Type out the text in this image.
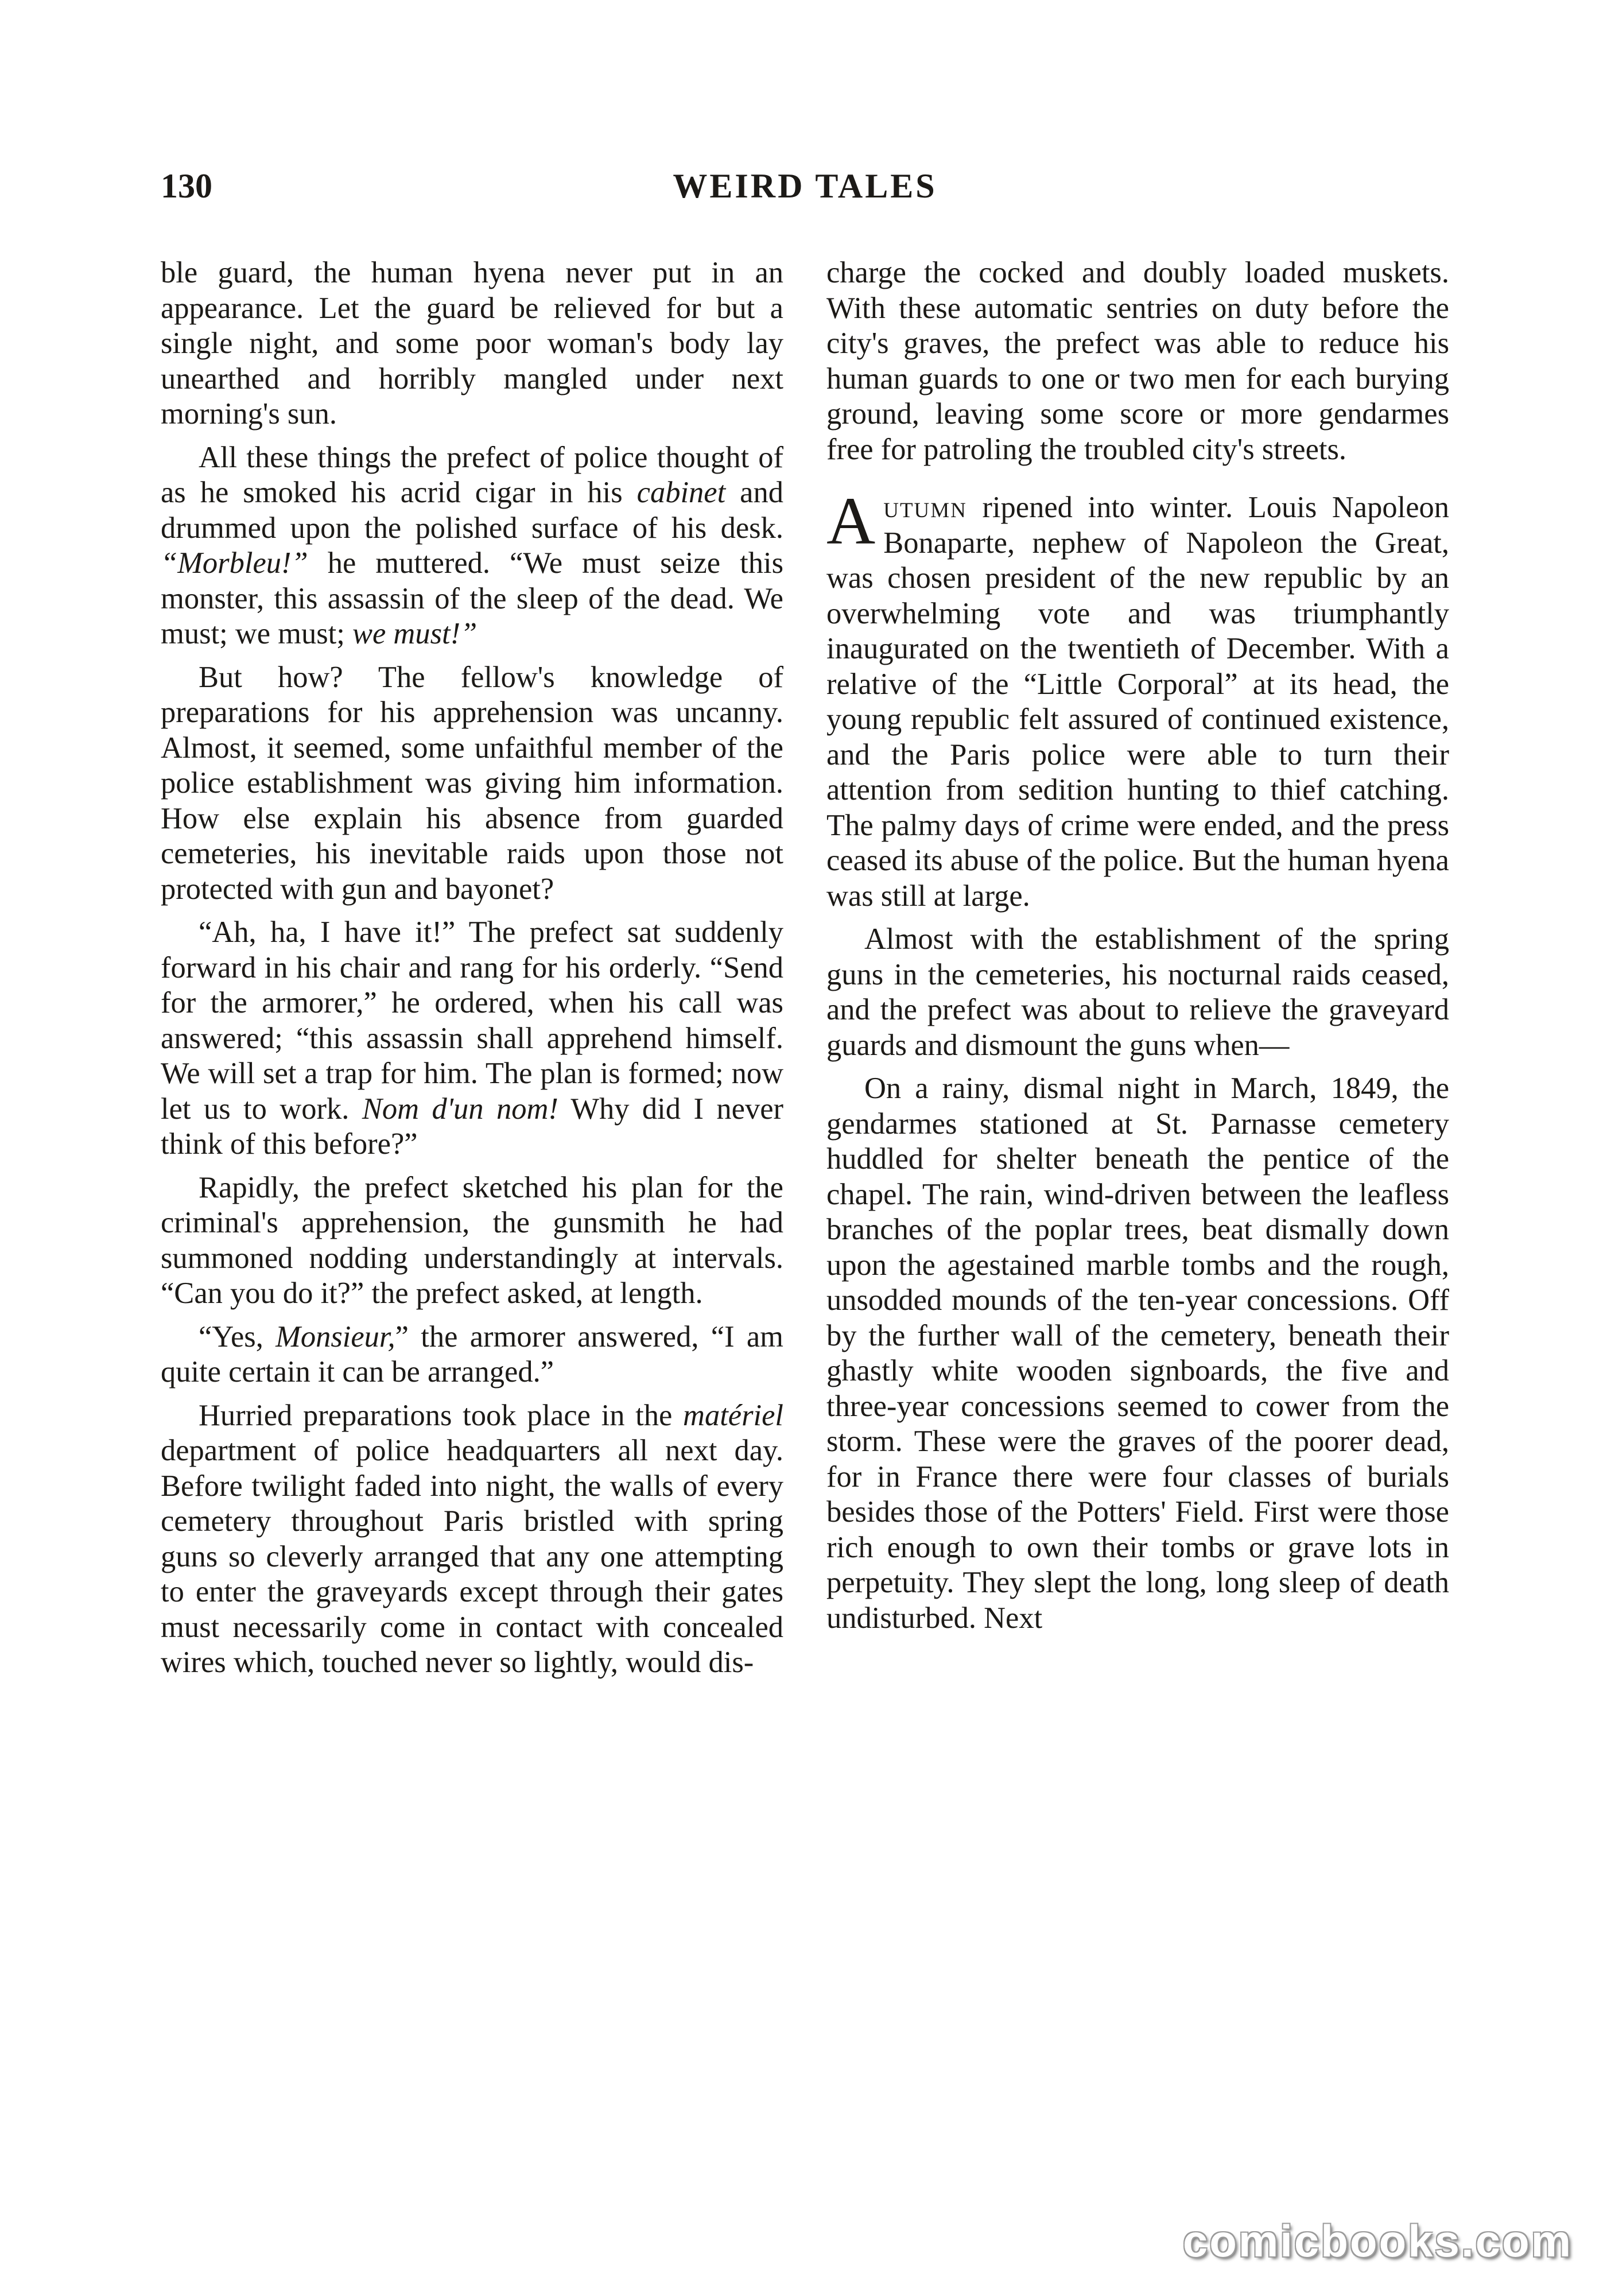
130	WEIRD TALES

ble guard, the human hyena never put in an appearance. Let the guard be relieved for but a single night, and some poor woman's body lay unearthed and horribly mangled under next morning's sun.

All these things the prefect of police thought of as he smoked his acrid cigar in his cabinet and drummed upon the polished surface of his desk. “Morbleu!” he muttered. “We must seize this monster, this assassin of the sleep of the dead. We must; we must; we must!”

But how? The fellow's knowledge of preparations for his apprehension was uncanny. Almost, it seemed, some unfaithful member of the police establishment was giving him information. How else explain his absence from guarded cemeteries, his inevitable raids upon those not protected with gun and bayonet?

“Ah, ha, I have it!” The prefect sat suddenly forward in his chair and rang for his orderly. “Send for the armorer,” he ordered, when his call was answered; “this assassin shall apprehend himself. We will set a trap for him. The plan is formed; now let us to work. Nom d'un nom! Why did I never think of this before?”

Rapidly, the prefect sketched his plan for the criminal's apprehension, the gunsmith he had summoned nodding understandingly at intervals. “Can you do it?” the prefect asked, at length.

“Yes, Monsieur,” the armorer answered, “I am quite certain it can be arranged.”

Hurried preparations took place in the matériel department of police headquarters all next day. Before twilight faded into night, the walls of every cemetery throughout Paris bristled with spring guns so cleverly arranged that any one attempting to enter the graveyards except through their gates must necessarily come in contact with concealed wires which, touched never so lightly, would dis-

charge the cocked and doubly loaded muskets. With these automatic sentries on duty before the city's graves, the prefect was able to reduce his human guards to one or two men for each burying ground, leaving some score or more gendarmes free for patroling the troubled city's streets.

Autumn ripened into winter. Louis Napoleon Bonaparte, nephew of Napoleon the Great, was chosen president of the new republic by an overwhelming vote and was triumphantly inaugurated on the twentieth of December. With a relative of the “Little Corporal” at its head, the young republic felt assured of continued existence, and the Paris police were able to turn their attention from sedition hunting to thief catching. The palmy days of crime were ended, and the press ceased its abuse of the police. But the human hyena was still at large.

Almost with the establishment of the spring guns in the cemeteries, his nocturnal raids ceased, and the prefect was about to relieve the graveyard guards and dismount the guns when—

On a rainy, dismal night in March, 1849, the gendarmes stationed at St. Parnasse cemetery huddled for shelter beneath the pentice of the chapel. The rain, wind-driven between the leafless branches of the poplar trees, beat dismally down upon the agestained marble tombs and the rough, unsodded mounds of the ten-year concessions. Off by the further wall of the cemetery, beneath their ghastly white wooden signboards, the five and three-year concessions seemed to cower from the storm. These were the graves of the poorer dead, for in France there were four classes of burials besides those of the Potters' Field. First were those rich enough to own their tombs or grave lots in perpetuity. They slept the long, long sleep of death undisturbed. Next

comicbooks.com
